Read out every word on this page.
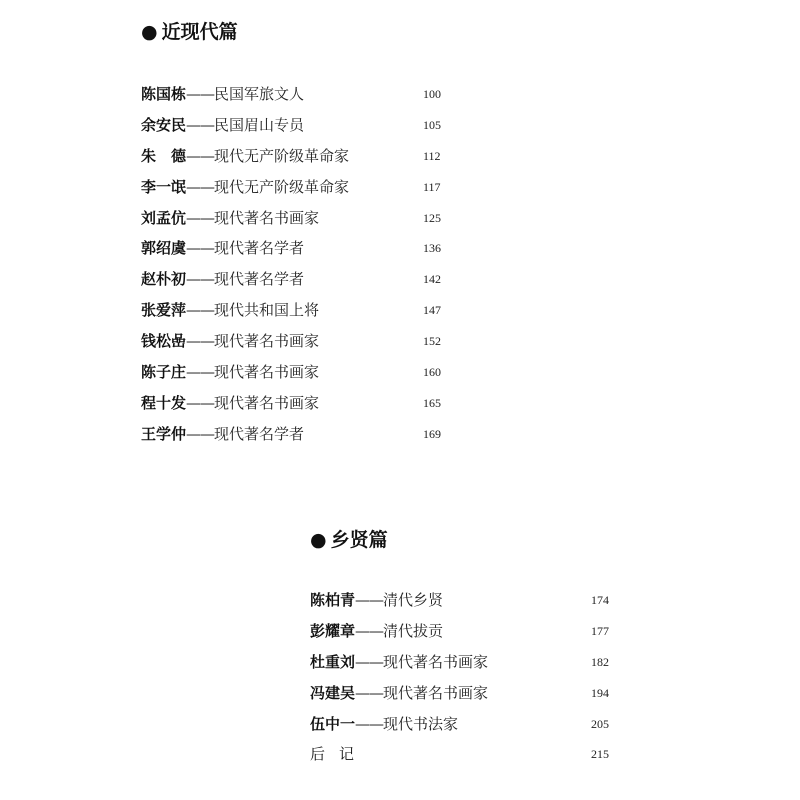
● 近现代篇
陈国栋——民国军旅文人	100
余安民——民国眉山专员	105
朱　德——现代无产阶级革命家	112
李一氓——现代无产阶级革命家	117
刘孟伉——现代著名书画家	125
郭绍虞——现代著名学者	136
赵朴初——现代著名学者	142
张爱萍——现代共和国上将	147
钱松嵒——现代著名书画家	152
陈子庄——现代著名书画家	160
程十发——现代著名书画家	165
王学仲——现代著名学者	169
● 乡贤篇
陈柏青——清代乡贤	174
彭耀章——清代拔贡	177
杜重刘——现代著名书画家	182
冯建吴——现代著名书画家	194
伍中一——现代书法家	205
后记	215
